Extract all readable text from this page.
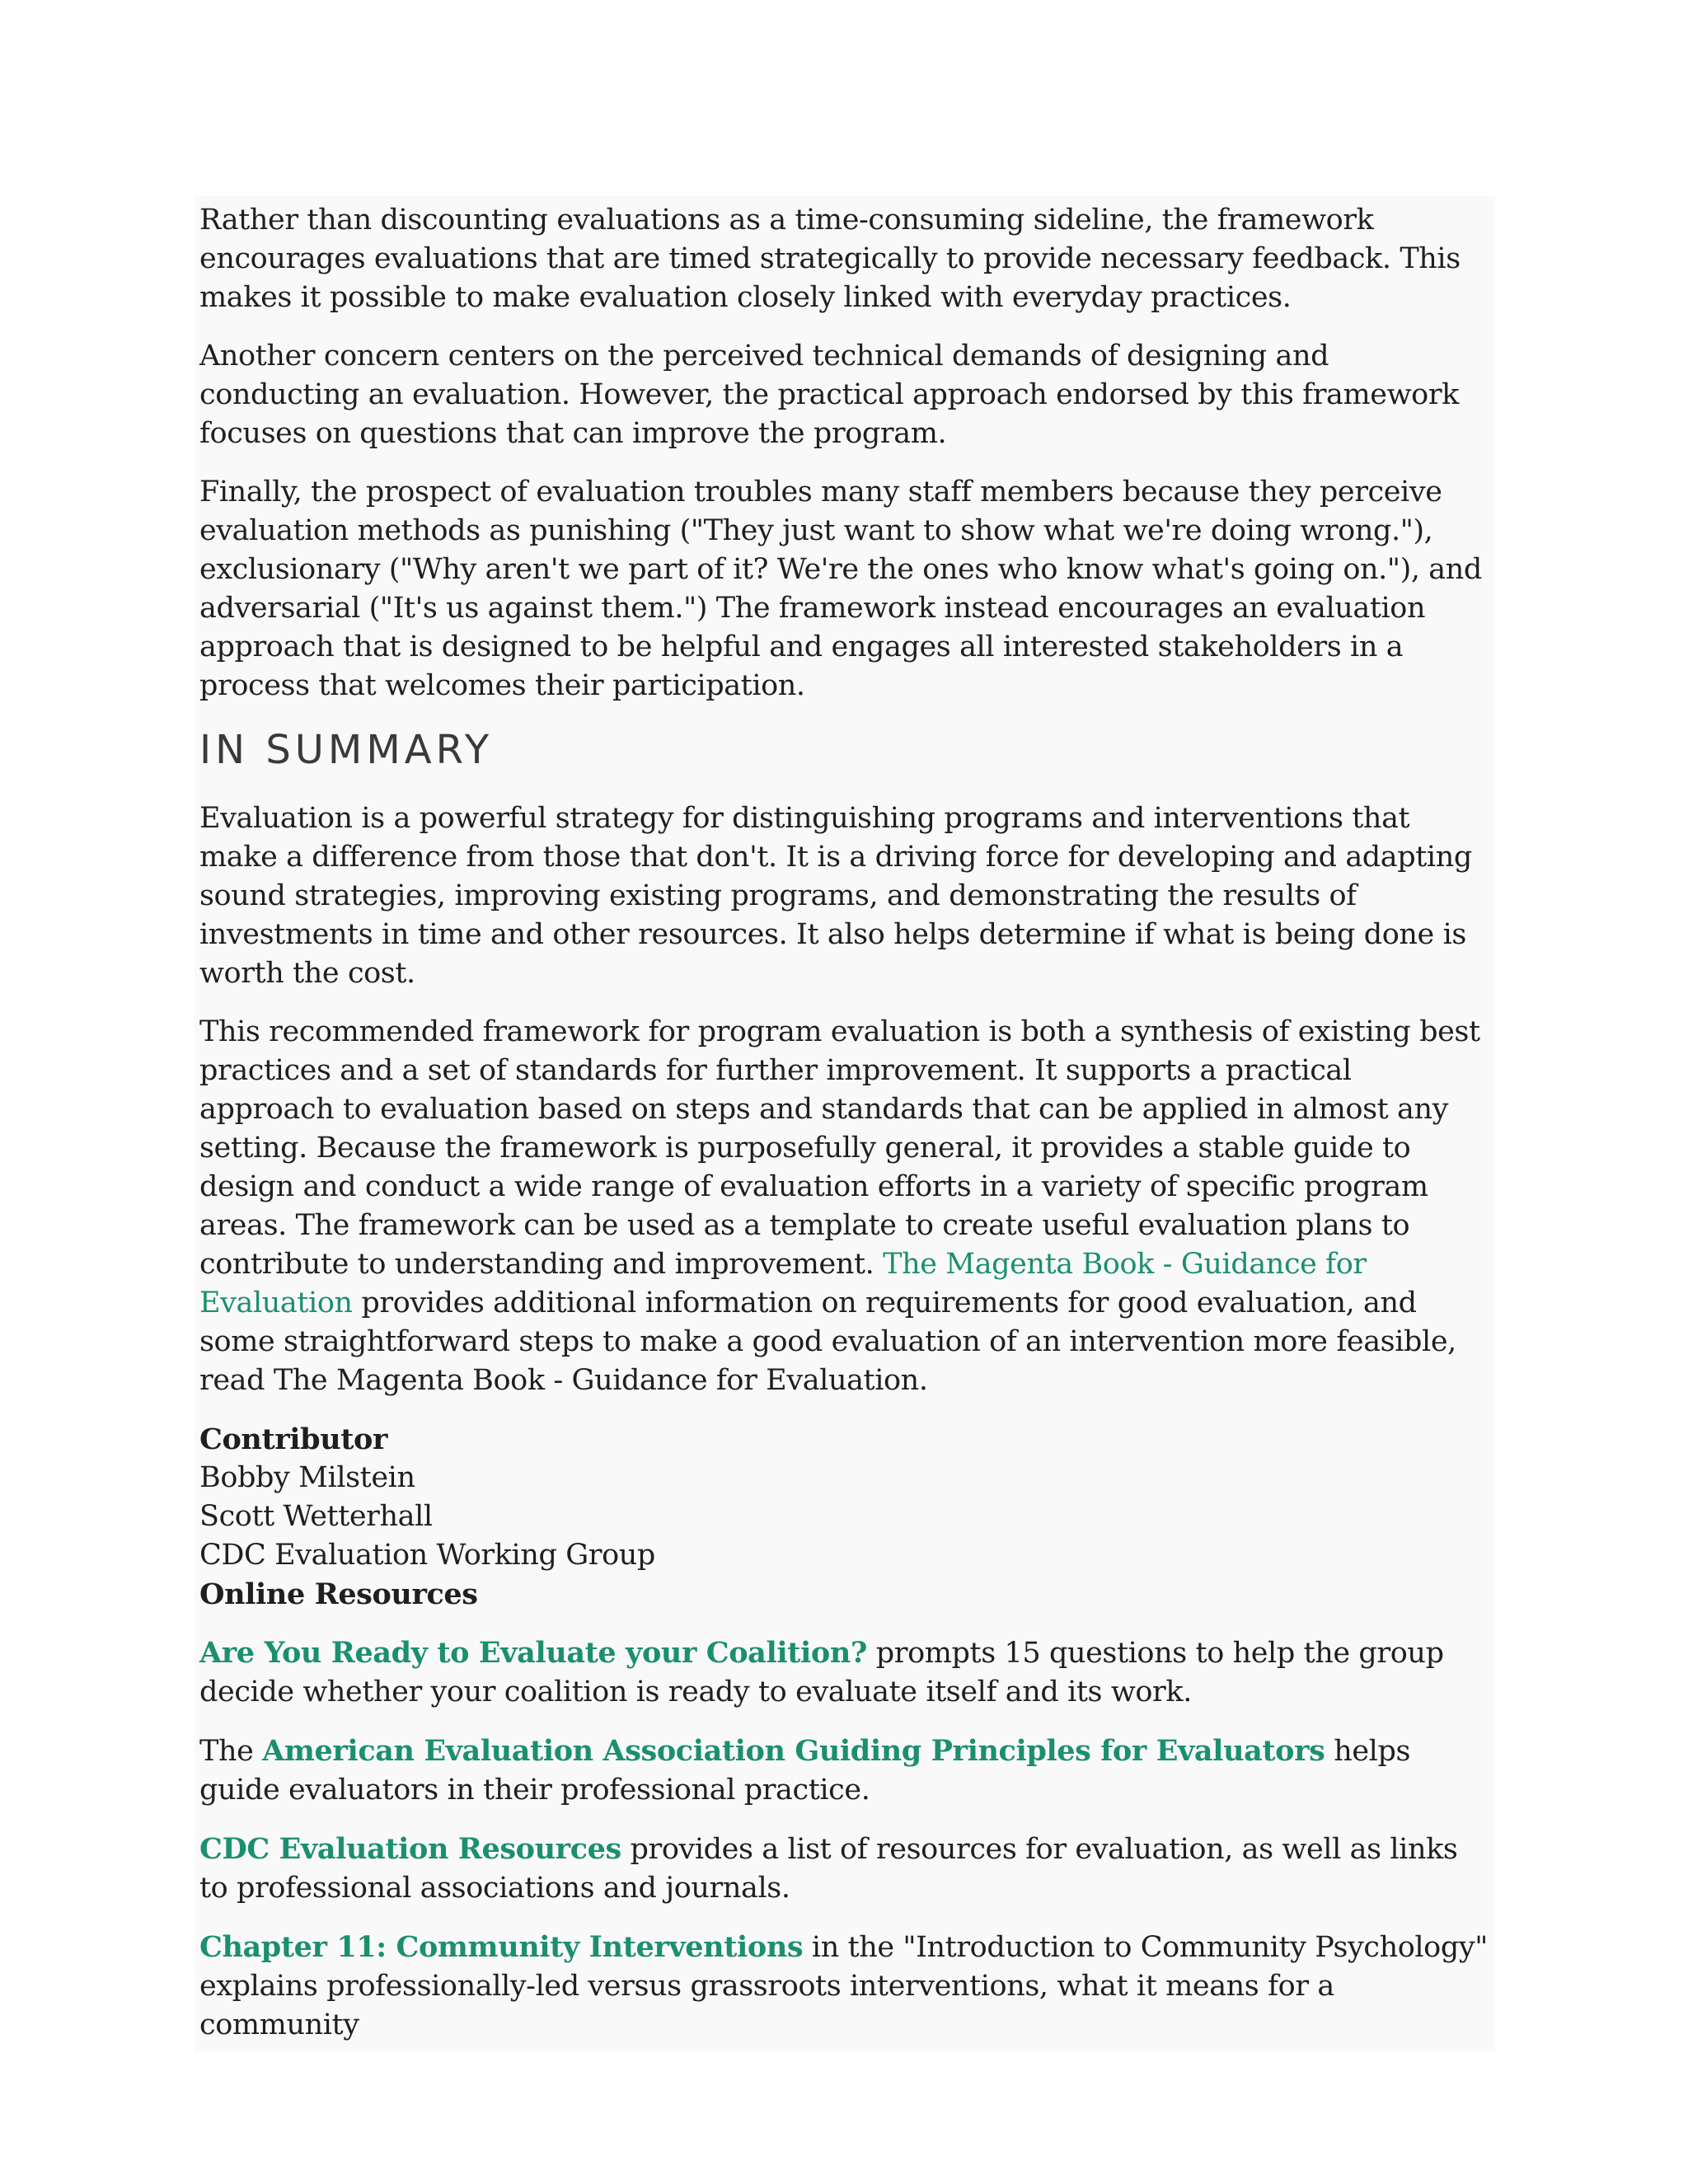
Rather than discounting evaluations as a time-consuming sideline, the framework encourages evaluations that are timed strategically to provide necessary feedback. This makes it possible to make evaluation closely linked with everyday practices.

Another concern centers on the perceived technical demands of designing and conducting an evaluation. However, the practical approach endorsed by this framework focuses on questions that can improve the program.

Finally, the prospect of evaluation troubles many staff members because they perceive evaluation methods as punishing ("They just want to show what we're doing wrong."), exclusionary ("Why aren't we part of it? We're the ones who know what's going on."), and adversarial ("It's us against them.") The framework instead encourages an evaluation approach that is designed to be helpful and engages all interested stakeholders in a process that welcomes their participation.

IN SUMMARY

Evaluation is a powerful strategy for distinguishing programs and interventions that make a difference from those that don't. It is a driving force for developing and adapting sound strategies, improving existing programs, and demonstrating the results of investments in time and other resources. It also helps determine if what is being done is worth the cost.

This recommended framework for program evaluation is both a synthesis of existing best practices and a set of standards for further improvement. It supports a practical approach to evaluation based on steps and standards that can be applied in almost any setting. Because the framework is purposefully general, it provides a stable guide to design and conduct a wide range of evaluation efforts in a variety of specific program areas. The framework can be used as a template to create useful evaluation plans to contribute to understanding and improvement. The Magenta Book - Guidance for Evaluation provides additional information on requirements for good evaluation, and some straightforward steps to make a good evaluation of an intervention more feasible, read The Magenta Book - Guidance for Evaluation.

Contributor
Bobby Milstein
Scott Wetterhall
CDC Evaluation Working Group
Online Resources

Are You Ready to Evaluate your Coalition? prompts 15 questions to help the group decide whether your coalition is ready to evaluate itself and its work.

The American Evaluation Association Guiding Principles for Evaluators helps guide evaluators in their professional practice.

CDC Evaluation Resources provides a list of resources for evaluation, as well as links to professional associations and journals.

Chapter 11: Community Interventions in the "Introduction to Community Psychology" explains professionally-led versus grassroots interventions, what it means for a community
